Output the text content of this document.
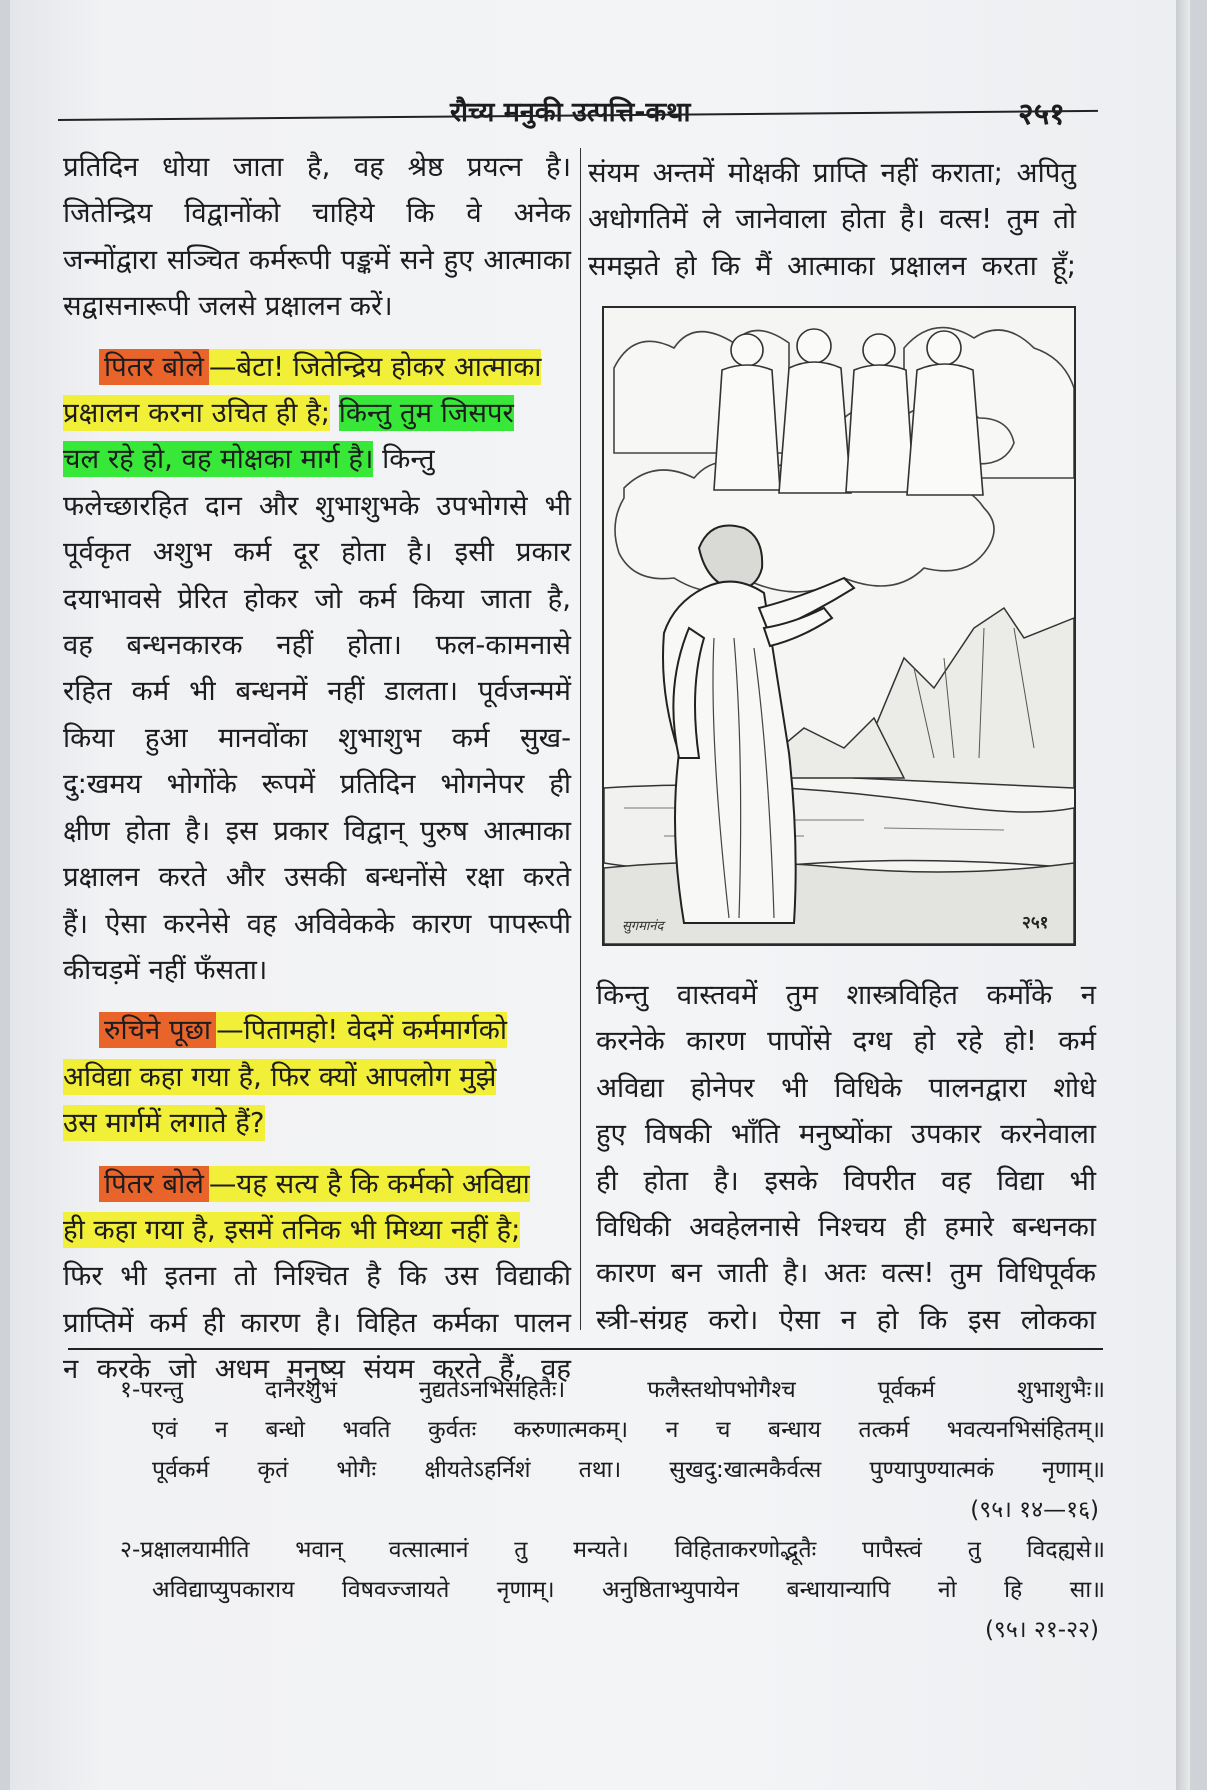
रौच्य मनुकी उत्पत्ति-कथा	२५१
प्रतिदिन धोया जाता है, वह श्रेष्ठ प्रयत्न है।
जितेन्द्रिय विद्वानोंको चाहिये कि वे अनेक
जन्मोंद्वारा सञ्चित कर्मरूपी पङ्कमें सने हुए आत्माका
सद्वासनारूपी जलसे प्रक्षालन करें।
पितर बोले —बेटा! जितेन्द्रिय होकर आत्माका
प्रक्षालन करना उचित ही है; किन्तु तुम जिसपर
चल रहे हो, वह मोक्षका मार्ग है। किन्तु
फलेच्छारहित दान और शुभाशुभके उपभोगसे भी
पूर्वकृत अशुभ कर्म दूर होता है। इसी प्रकार
दयाभावसे प्रेरित होकर जो कर्म किया जाता है,
वह बन्धनकारक नहीं होता। फल-कामनासे
रहित कर्म भी बन्धनमें नहीं डालता। पूर्वजन्ममें
किया हुआ मानवोंका शुभाशुभ कर्म सुख-
दु:खमय भोगोंके रूपमें प्रतिदिन भोगनेपर ही
क्षीण होता है। इस प्रकार विद्वान् पुरुष आत्माका
प्रक्षालन करते और उसकी बन्धनोंसे रक्षा करते
हैं। ऐसा करनेसे वह अविवेकके कारण पापरूपी
कीचड़में नहीं फँसता।
रुचिने पूछा —पितामहो! वेदमें कर्ममार्गको
अविद्या कहा गया है, फिर क्यों आपलोग मुझे
उस मार्गमें लगाते हैं?
पितर बोले —यह सत्य है कि कर्मको अविद्या
ही कहा गया है, इसमें तनिक भी मिथ्या नहीं है;
फिर भी इतना तो निश्चित है कि उस विद्याकी
प्राप्तिमें कर्म ही कारण है। विहित कर्मका पालन
न करके जो अधम मनुष्य संयम करते हैं, वह
संयम अन्तमें मोक्षकी प्राप्ति नहीं कराता; अपितु
अधोगतिमें ले जानेवाला होता है। वत्स! तुम तो
समझते हो कि मैं आत्माका प्रक्षालन करता हूँ;
सुगमानंद	२५१
किन्तु वास्तवमें तुम शास्त्रविहित कर्मोंके न
करनेके कारण पापोंसे दग्ध हो रहे हो! कर्म
अविद्या होनेपर भी विधिके पालनद्वारा शोधे
हुए विषकी भाँति मनुष्योंका उपकार करनेवाला
ही होता है। इसके विपरीत वह विद्या भी
विधिकी अवहेलनासे निश्चय ही हमारे बन्धनका
कारण बन जाती है। अतः वत्स! तुम विधिपूर्वक
स्त्री-संग्रह करो। ऐसा न हो कि इस लोकका
१-परन्तु दानैरशुभं नुद्यतेऽनभिसंहितैः। फलैस्तथोपभोगैश्च पूर्वकर्म शुभाशुभैः॥
एवं न बन्धो भवति कुर्वतः करुणात्मकम्। न च बन्धाय तत्कर्म भवत्यनभिसंहितम्॥
पूर्वकर्म कृतं भोगैः क्षीयतेऽहर्निशं तथा। सुखदु:खात्मकैर्वत्स पुण्यापुण्यात्मकं नृणाम्॥
(९५। १४—१६)
२-प्रक्षालयामीति भवान् वत्सात्मानं तु मन्यते। विहिताकरणोद्भूतैः पापैस्त्वं तु विदह्यसे॥
अविद्याप्युपकाराय विषवज्जायते नृणाम्। अनुष्ठिताभ्युपायेन बन्धायान्यापि नो हि सा॥
(९५। २१-२२)
